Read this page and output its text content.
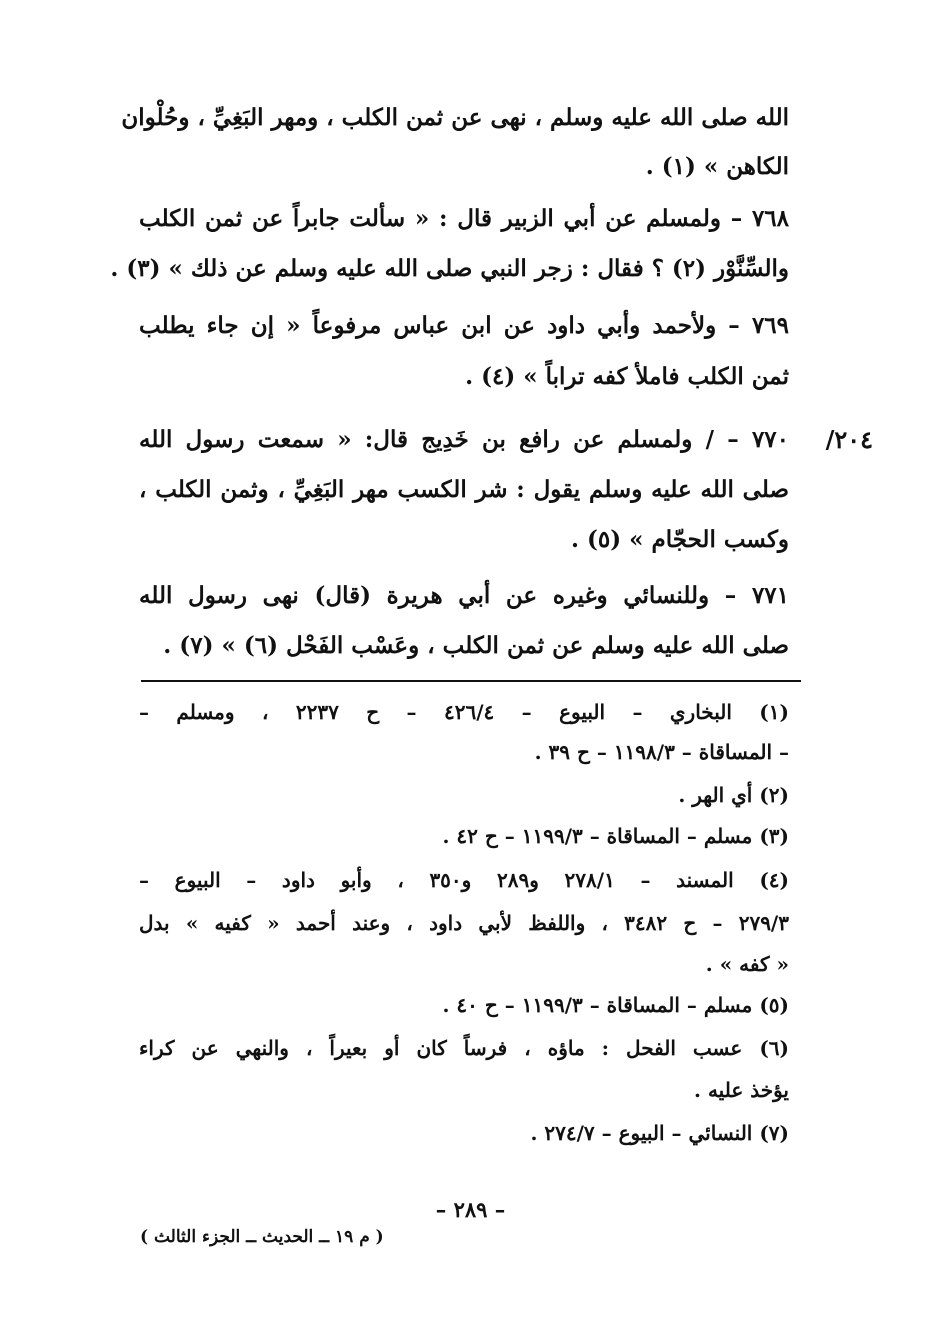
الله صلى الله عليه وسلم ، نهى عن ثمن الكلب ، ومهر البَغِيِّ ، وحُلْوان
الكاهن » (١) .
٧٦٨ – ولمسلم عن أبي الزبير قال : « سألت جابراً عن ثمن الكلب
والسِّنَّوْر (٢) ؟ فقال : زجر النبي صلى الله عليه وسلم عن ذلك » (٣) .
٧٦٩ – ولأحمد وأبي داود عن ابن عباس مرفوعاً « إن جاء يطلب
ثمن الكلب فاملأ كفه تراباً » (٤) .
٢٠٤/
٧٧٠ – / ولمسلم عن رافع بن خَدِيج قال: « سمعت رسول الله
صلى الله عليه وسلم يقول : شر الكسب مهر البَغِيِّ ، وثمن الكلب ،
وكسب الحجّام » (٥) .
٧٧١ – وللنسائي وغيره عن أبي هريرة (قال) نهى رسول الله
صلى الله عليه وسلم عن ثمن الكلب ، وعَسْب الفَحْل (٦) » (٧) .
(١) البخاري – البيوع – ٤٢٦/٤ – ح ٢٢٣٧ ، ومسلم –
– المساقاة – ١١٩٨/٣ – ح ٣٩ .
(٢) أي الهر .
(٣) مسلم – المساقاة – ١١٩٩/٣ – ح ٤٢ .
(٤) المسند – ٢٧٨/١ و٢٨٩ و٣٥٠ ، وأبو داود – البيوع –
٢٧٩/٣ – ح ٣٤٨٢ ، واللفظ لأبي داود ، وعند أحمد « كفيه » بدل
« كفه » .
(٥) مسلم – المساقاة – ١١٩٩/٣ – ح ٤٠ .
(٦) عسب الفحل : ماؤه ، فرساً كان أو بعيراً ، والنهي عن كراء
يؤخذ عليه .
(٧) النسائي – البيوع – ٢٧٤/٧ .
– ٢٨٩ –
( م ١٩ ــ الحديث ــ الجزء الثالث )
